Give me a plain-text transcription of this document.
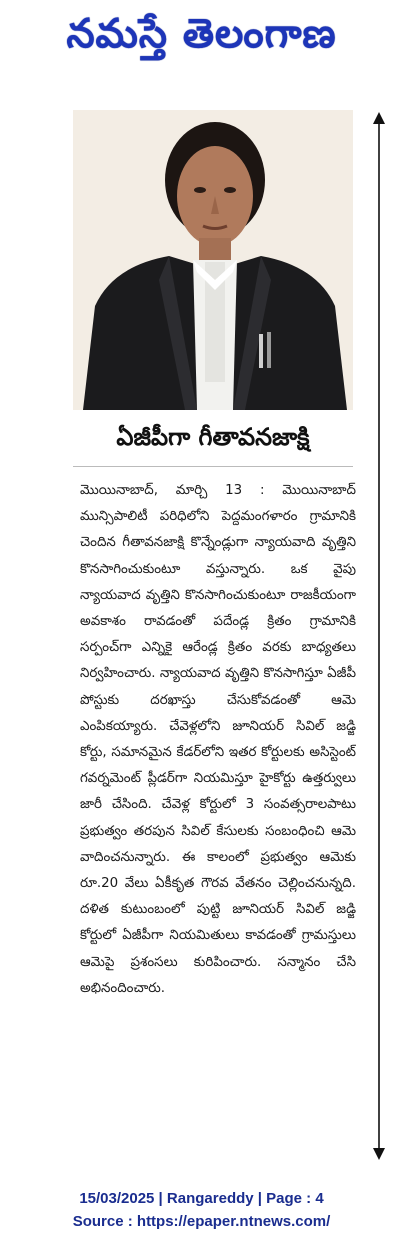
నమస్తే తెలంగాణ
ఏజీపీగా గీతావనజాక్షి

మొయినాబాద్‌, మార్చి 13 : మొయినాబాద్‌ మున్సిపాలిటీ పరిధిలోని పెద్దమంగళారం గ్రామానికి చెందిన గీతావనజాక్షి కొన్నేండ్లుగా న్యాయవాది వృత్తిని కొనసాగించుకుంటూ వస్తున్నారు. ఒక వైపు న్యాయవాద వృత్తిని కొనసాగించుకుంటూ రాజకీయంగా అవకాశం రావడంతో పదేండ్ల క్రితం గ్రామానికి సర్పంచ్‌గా ఎన్నికై ఆరేండ్ల క్రితం వరకు బాధ్యతలు నిర్వహించారు. న్యాయవాద వృత్తిని కొనసాగిస్తూ ఏజీపీ పోస్టుకు దరఖాస్తు చేసుకోవడంతో ఆమె ఎంపికయ్యారు. చేవెళ్లలోని జూనియర్‌ సివిల్‌ జడ్జి కోర్టు, సమానమైన కేడర్‌లోని ఇతర కోర్టులకు అసిస్టెంట్‌ గవర్నమెంట్‌ ప్లీడర్‌గా నియమిస్తూ హైకోర్టు ఉత్తర్వులు జారీ చేసింది. చేవెళ్ల కోర్టులో 3 సంవత్సరాలపాటు ప్రభుత్వం తరపున సివిల్‌ కేసులకు సంబంధించి ఆమె వాదించనున్నారు. ఈ కాలంలో ప్రభుత్వం ఆమెకు రూ.20 వేలు ఏకీకృత గౌరవ వేతనం చెల్లించనున్నది. దళిత కుటుంబంలో పుట్టి జూనియర్‌ సివిల్‌ జడ్జి కోర్టులో ఏజీపీగా నియమితులు కావడంతో గ్రామస్తులు ఆమెపై ప్రశంసలు కురిపించారు. సన్మానం చేసి అభినందించారు.

15/03/2025 | Rangareddy | Page : 4
Source : https://epaper.ntnews.com/
